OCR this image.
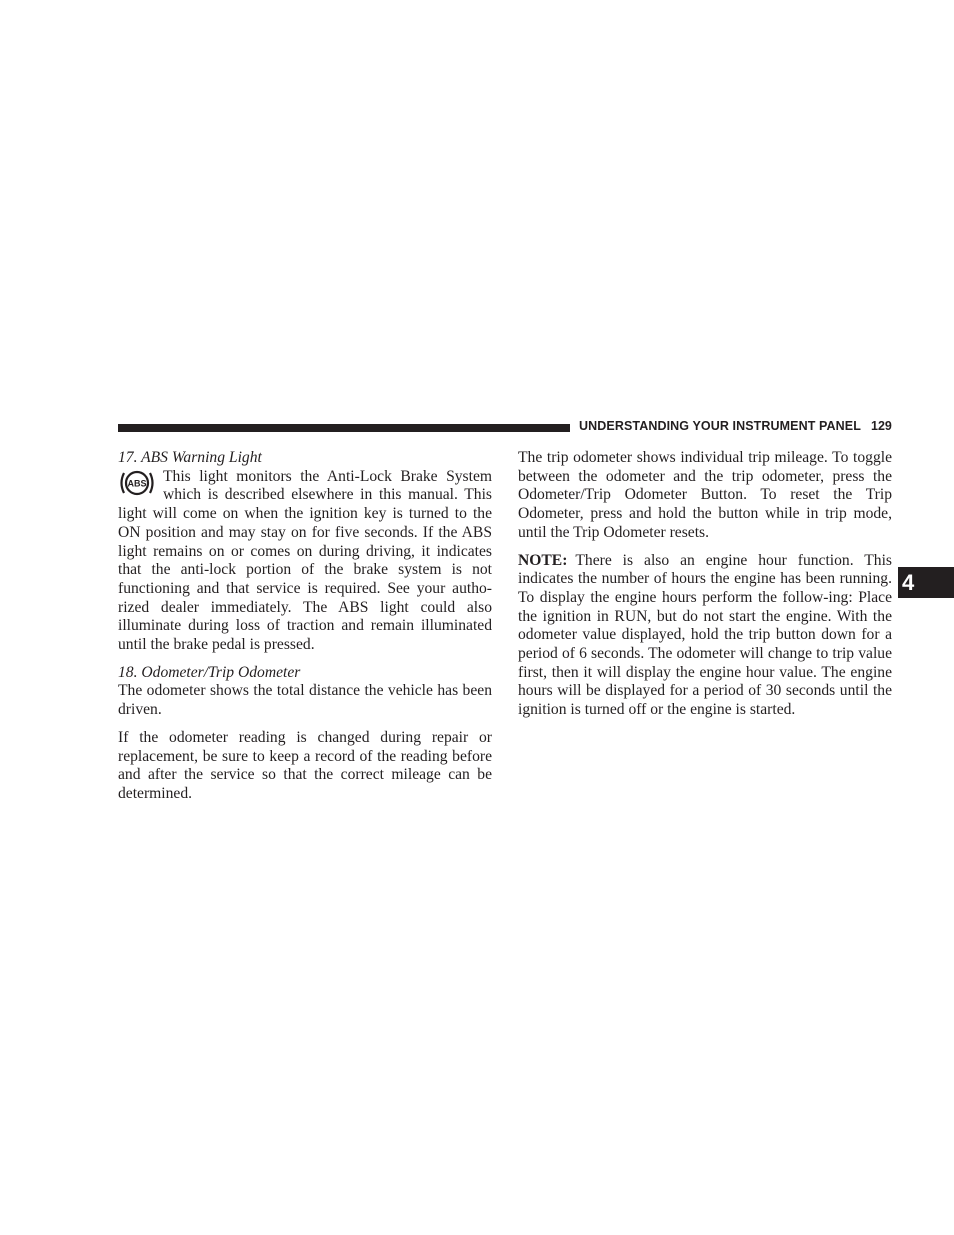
UNDERSTANDING YOUR INSTRUMENT PANEL 129
4

17. ABS Warning Light

ABS This light monitors the Anti-Lock Brake System which is described elsewhere in this manual. This light will come on when the ignition key is turned to the ON position and may stay on for five seconds. If the ABS light remains on or comes on during driving, it indicates that the anti-lock portion of the brake system is not functioning and that service is required. See your autho-rized dealer immediately. The ABS light could also illuminate during loss of traction and remain illuminated until the brake pedal is pressed.

18. Odometer/Trip Odometer

The odometer shows the total distance the vehicle has been driven.

If the odometer reading is changed during repair or replacement, be sure to keep a record of the reading before and after the service so that the correct mileage can be determined.

The trip odometer shows individual trip mileage. To toggle between the odometer and the trip odometer, press the Odometer/Trip Odometer Button. To reset the Trip Odometer, press and hold the button while in trip mode, until the Trip Odometer resets.

NOTE: There is also an engine hour function. This indicates the number of hours the engine has been running. To display the engine hours perform the follow-ing: Place the ignition in RUN, but do not start the engine. With the odometer value displayed, hold the trip button down for a period of 6 seconds. The odometer will change to trip value first, then it will display the engine hour value. The engine hours will be displayed for a period of 30 seconds until the ignition is turned off or the engine is started.
